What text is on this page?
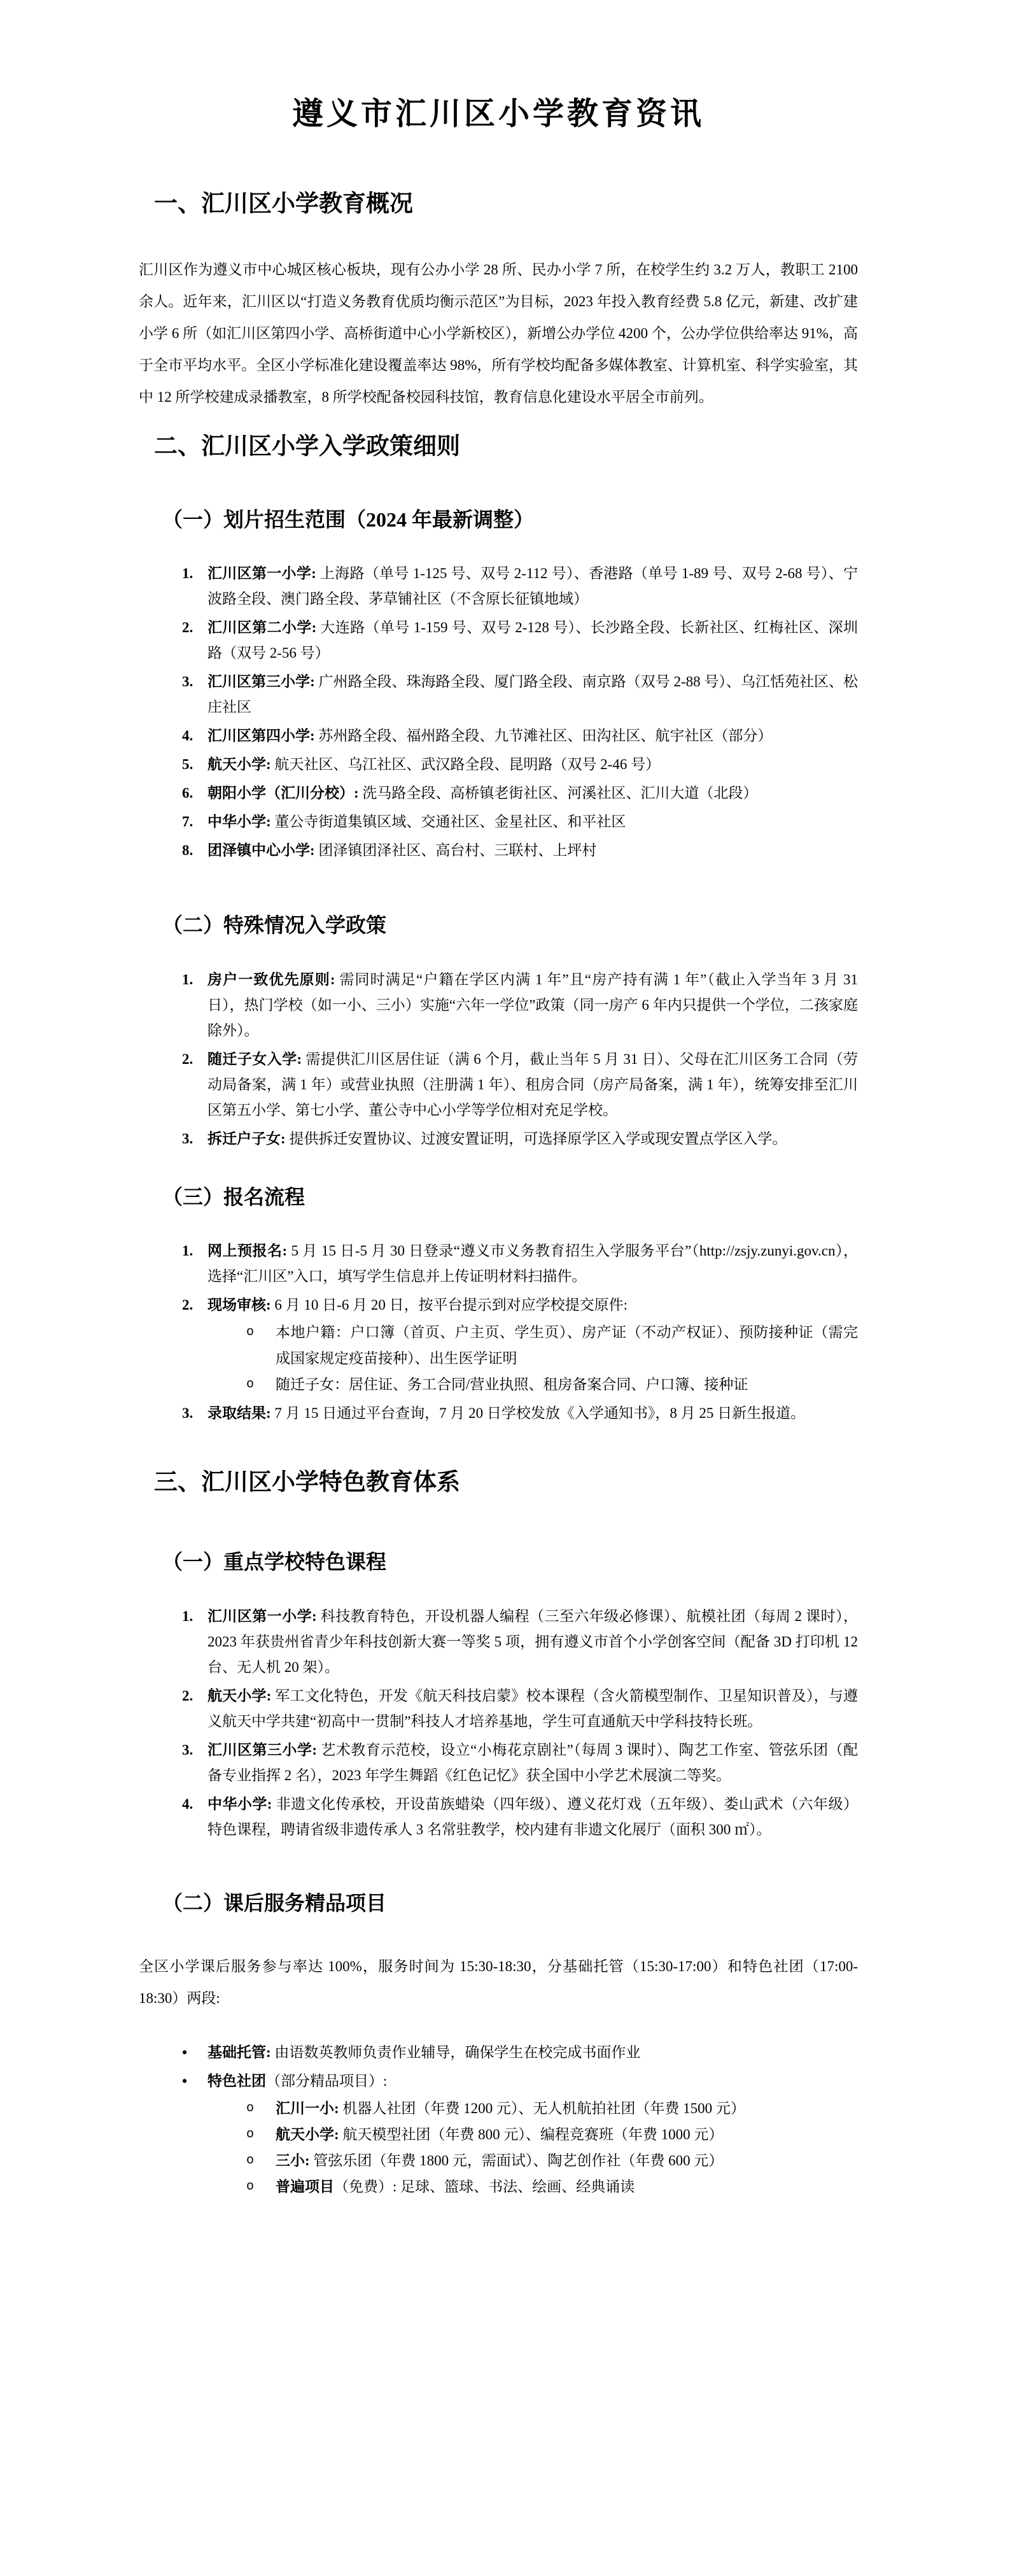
遵义市汇川区小学教育资讯
一、汇川区小学教育概况
汇川区作为遵义市中心城区核心板块，现有公办小学 28 所、民办小学 7 所，在校学生约 3.2 万人，教职工 2100 余人。近年来，汇川区以“打造义务教育优质均衡示范区”为目标，2023 年投入教育经费 5.8 亿元，新建、改扩建小学 6 所（如汇川区第四小学、高桥街道中心小学新校区），新增公办学位 4200 个，公办学位供给率达 91%，高于全市平均水平。全区小学标准化建设覆盖率达 98%，所有学校均配备多媒体教室、计算机室、科学实验室，其中 12 所学校建成录播教室，8 所学校配备校园科技馆，教育信息化建设水平居全市前列。
二、汇川区小学入学政策细则
（一）划片招生范围（2024 年最新调整）
1. 汇川区第一小学: 上海路（单号 1-125 号、双号 2-112 号）、香港路（单号 1-89 号、双号 2-68 号）、宁波路全段、澳门路全段、茅草铺社区（不含原长征镇地域）
2. 汇川区第二小学: 大连路（单号 1-159 号、双号 2-128 号）、长沙路全段、长新社区、红梅社区、深圳路（双号 2-56 号）
3. 汇川区第三小学: 广州路全段、珠海路全段、厦门路全段、南京路（双号 2-88 号）、乌江恬苑社区、松庄社区
4. 汇川区第四小学: 苏州路全段、福州路全段、九节滩社区、田沟社区、航宇社区（部分）
5. 航天小学: 航天社区、乌江社区、武汉路全段、昆明路（双号 2-46 号）
6. 朝阳小学（汇川分校）: 洗马路全段、高桥镇老街社区、河溪社区、汇川大道（北段）
7. 中华小学: 董公寺街道集镇区域、交通社区、金星社区、和平社区
8. 团泽镇中心小学: 团泽镇团泽社区、高台村、三联村、上坪村
（二）特殊情况入学政策
1. 房户一致优先原则: 需同时满足“户籍在学区内满 1 年”且“房产持有满 1 年”（截止入学当年 3 月 31 日），热门学校（如一小、三小）实施“六年一学位”政策（同一房产 6 年内只提供一个学位，二孩家庭除外）。
2. 随迁子女入学: 需提供汇川区居住证（满 6 个月，截止当年 5 月 31 日）、父母在汇川区务工合同（劳动局备案，满 1 年）或营业执照（注册满 1 年）、租房合同（房产局备案，满 1 年），统筹安排至汇川区第五小学、第七小学、董公寺中心小学等学位相对充足学校。
3. 拆迁户子女: 提供拆迁安置协议、过渡安置证明，可选择原学区入学或现安置点学区入学。
（三）报名流程
1. 网上预报名: 5 月 15 日-5 月 30 日登录“遵义市义务教育招生入学服务平台”（http://zsjy.zunyi.gov.cn），选择“汇川区”入口，填写学生信息并上传证明材料扫描件。
2. 现场审核: 6 月 10 日-6 月 20 日，按平台提示到对应学校提交原件:
o	本地户籍：户口簿（首页、户主页、学生页）、房产证（不动产权证）、预防接种证（需完成国家规定疫苗接种）、出生医学证明
o	随迁子女：居住证、务工合同/营业执照、租房备案合同、户口簿、接种证
3. 录取结果: 7 月 15 日通过平台查询，7 月 20 日学校发放《入学通知书》，8 月 25 日新生报道。
三、汇川区小学特色教育体系
（一）重点学校特色课程
1. 汇川区第一小学: 科技教育特色，开设机器人编程（三至六年级必修课）、航模社团（每周 2 课时），2023 年获贵州省青少年科技创新大赛一等奖 5 项，拥有遵义市首个小学创客空间（配备 3D 打印机 12 台、无人机 20 架）。
2. 航天小学: 军工文化特色，开发《航天科技启蒙》校本课程（含火箭模型制作、卫星知识普及），与遵义航天中学共建“初高中一贯制”科技人才培养基地，学生可直通航天中学科技特长班。
3. 汇川区第三小学: 艺术教育示范校，设立“小梅花京剧社”（每周 3 课时）、陶艺工作室、管弦乐团（配备专业指挥 2 名），2023 年学生舞蹈《红色记忆》获全国中小学艺术展演二等奖。
4. 中华小学: 非遗文化传承校，开设苗族蜡染（四年级）、遵义花灯戏（五年级）、娄山武术（六年级）特色课程，聘请省级非遗传承人 3 名常驻教学，校内建有非遗文化展厅（面积 300 ㎡）。
（二）课后服务精品项目
全区小学课后服务参与率达 100%，服务时间为 15:30-18:30，分基础托管（15:30-17:00）和特色社团（17:00-18:30）两段:
•	基础托管: 由语数英教师负责作业辅导，确保学生在校完成书面作业
•	特色社团（部分精品项目）:
o	汇川一小: 机器人社团（年费 1200 元）、无人机航拍社团（年费 1500 元）
o	航天小学: 航天模型社团（年费 800 元）、编程竞赛班（年费 1000 元）
o	三小: 管弦乐团（年费 1800 元，需面试）、陶艺创作社（年费 600 元）
o	普遍项目（免费）: 足球、篮球、书法、绘画、经典诵读
